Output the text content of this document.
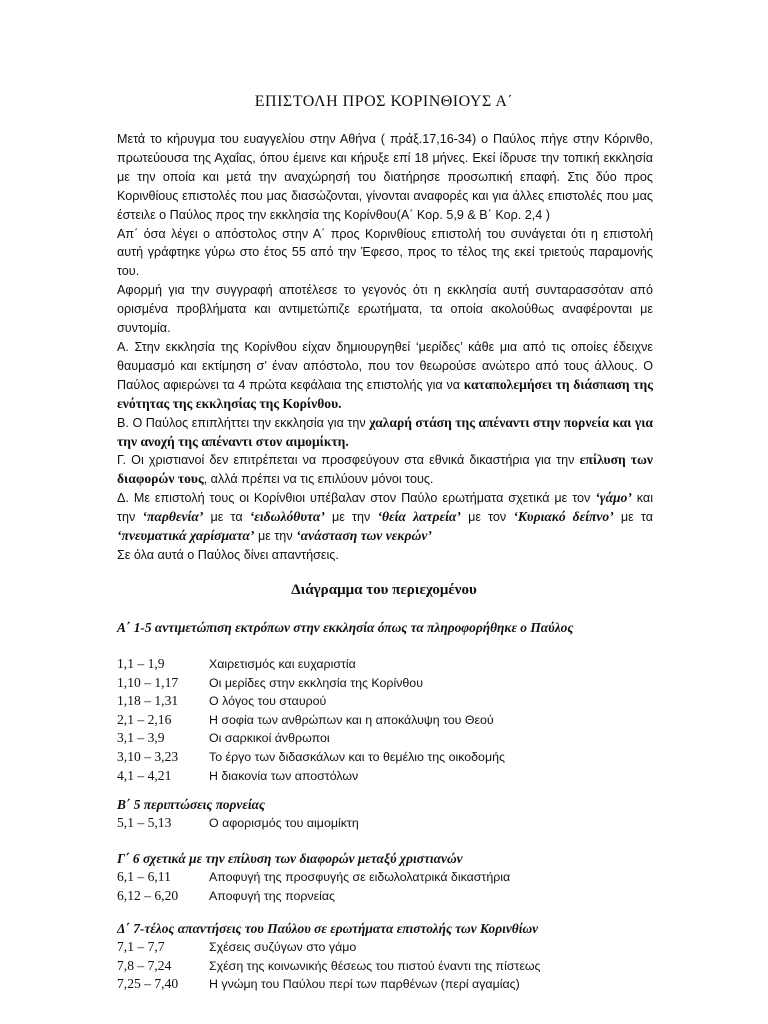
ΕΠΙΣΤΟΛΗ ΠΡΟΣ ΚΟΡΙΝΘΙΟΥΣ Α΄

Μετά το κήρυγμα του ευαγγελίου στην Αθήνα ( πράξ.17,16-34) ο Παύλος πήγε στην Κόρινθο, πρωτεύουσα της Αχαΐας, όπου έμεινε και κήρυξε επί 18 μήνες. Εκεί ίδρυσε την τοπική εκκλησία με την οποία και μετά την αναχώρησή του διατήρησε προσωπική επαφή. Στις δύο προς Κορινθίους επιστολές που μας διασώζονται, γίνονται αναφορές και για άλλες επιστολές που μας έστειλε ο Παύλος προς την εκκλησία της Κορίνθου(Α΄ Κορ. 5,9 & Β΄ Κορ. 2,4 )

Απ΄ όσα λέγει ο απόστολος στην Α΄ προς Κορινθίους επιστολή του συνάγεται ότι η επιστολή αυτή γράφτηκε γύρω στο έτος 55 από την Έφεσο, προς το τέλος της εκεί τριετούς παραμονής του.

Αφορμή για την συγγραφή αποτέλεσε το γεγονός ότι η εκκλησία αυτή συνταρασσόταν από ορισμένα προβλήματα και αντιμετώπιζε ερωτήματα, τα οποία ακολούθως αναφέρονται με συντομία.

Α. Στην εκκλησία της Κορίνθου είχαν δημιουργηθεί ‘μερίδες’ κάθε μια από τις οποίες έδειχνε θαυμασμό και εκτίμηση σ’ έναν απόστολο, που τον θεωρούσε ανώτερο από τους άλλους. Ο Παύλος αφιερώνει τα 4 πρώτα κεφάλαια της επιστολής για να καταπολεμήσει τη διάσπαση της ενότητας της εκκλησίας της Κορίνθου.

Β. Ο Παύλος επιπλήττει την εκκλησία για την χαλαρή στάση της απέναντι στην πορνεία και για την ανοχή της απέναντι στον αιμομίκτη.

Γ. Οι χριστιανοί δεν επιτρέπεται να προσφεύγουν στα εθνικά δικαστήρια για την επίλυση των διαφορών τους, αλλά πρέπει να τις επιλύουν μόνοι τους.

Δ. Με επιστολή τους οι Κορίνθιοι υπέβαλαν στον Παύλο ερωτήματα σχετικά με τον ‘γάμο’ και την ‘παρθενία’ με τα ‘ειδωλόθυτα’ με την ‘θεία λατρεία’ με τον ‘Κυριακό δείπνο’ με τα ‘πνευματικά χαρίσματα’ με την ‘ανάσταση των νεκρών’

Σε όλα αυτά ο Παύλος δίνει απαντήσεις.

Διάγραμμα του περιεχομένου
Α΄ 1-5 αντιμετώπιση εκτρόπων στην εκκλησία όπως τα πληροφορήθηκε ο Παύλος
1,1 – 1,9	Χαιρετισμός και ευχαριστία
1,10 – 1,17 Οι μερίδες στην εκκλησία της Κορίνθου
1,18 – 1,31 Ο λόγος του σταυρού
2,1 – 2,16	Η σοφία των ανθρώπων και η αποκάλυψη του Θεού
3,1 – 3,9	Οι σαρκικοί άνθρωποι
3,10 – 3,23 Το έργο των διδασκάλων και το θεμέλιο της οικοδομής
4,1 – 4,21	Η διακονία των αποστόλων
Β΄ 5 περιπτώσεις πορνείας
5,1 – 5,13	Ο αφορισμός του αιμομίκτη
Γ΄ 6 σχετικά με την επίλυση των διαφορών μεταξύ χριστιανών
6,1 – 6,11	Αποφυγή της προσφυγής σε ειδωλολατρικά δικαστήρια
6,12 – 6,20 Αποφυγή της πορνείας
Δ΄ 7-τέλος απαντήσεις του Παύλου σε ερωτήματα επιστολής των Κορινθίων
7,1 – 7,7	Σχέσεις συζύγων στο γάμο
7,8 – 7,24	Σχέση της κοινωνικής θέσεως του πιστού έναντι της πίστεως
7,25 – 7,40 Η γνώμη του Παύλου περί των παρθένων (περί αγαμίας)
